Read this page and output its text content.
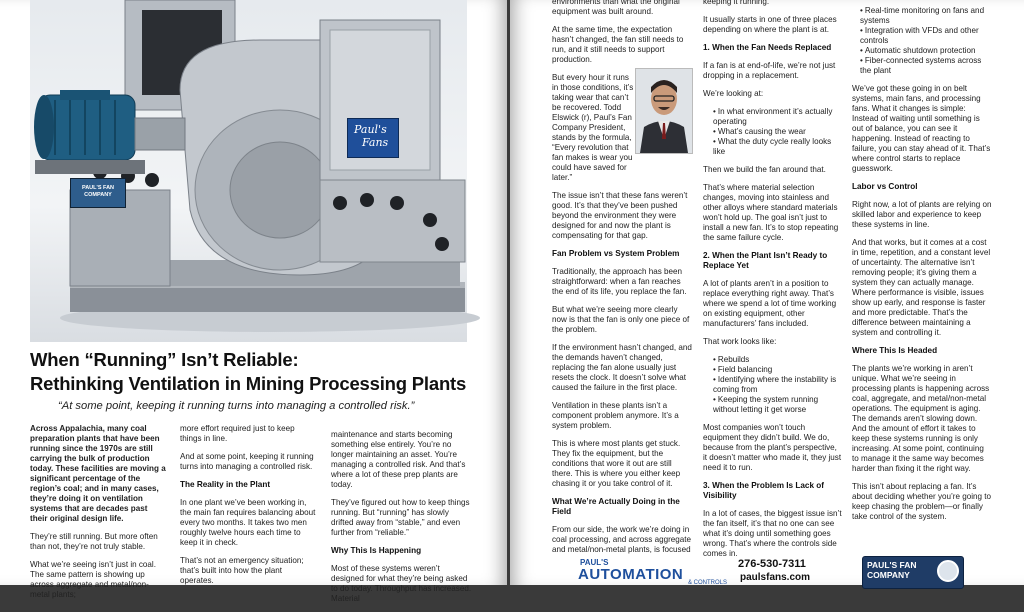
PAUL'S FAN COMPANY
Paul's
Fans
When “Running” Isn’t Reliable:
Rethinking Ventilation in Mining Processing Plants
“At some point, keeping it running turns into managing a controlled risk.”

Across Appalachia, many coal preparation plants that have been running since the 1970s are still carrying the bulk of production today. These facilities are moving a significant percentage of the region’s coal; and in many cases, they’re doing it on ventilation systems that are decades past their original design life.

They’re still running. But more often than not, they’re not truly stable.

What we’re seeing isn’t just in coal. The same pattern is showing up across aggregate and metal/non-metal plants;

more effort required just to keep things in line.

And at some point, keeping it running turns into managing a controlled risk.

The Reality in the Plant

In one plant we’ve been working in, the main fan requires balancing about every two months. It takes two men roughly twelve hours each time to keep it in check.

That’s not an emergency situation; that’s built into how the plant operates.

maintenance and starts becoming something else entirely. You’re no longer maintaining an asset. You’re managing a controlled risk. And that’s where a lot of these prep plants are today.

They’ve figured out how to keep things running. But “running” has slowly drifted away from “stable,” and even further from “reliable.”

Why This Is Happening

Most of these systems weren’t designed for what they’re being asked to do today. Throughput has increased. Material

environments than what the original equipment was built around.

At the same time, the expectation hasn’t changed, the fan still needs to run, and it still needs to support production.

But every hour it runs in those conditions, it’s taking wear that can’t be recovered. Todd Elswick (r), Paul’s Fan Company President, stands by the formula, “Every revolution that fan makes is wear you could have saved for later.”

The issue isn’t that these fans weren’t good. It’s that they’ve been pushed beyond the environment they were designed for and now the plant is compensating for that gap.

Fan Problem vs System Problem

Traditionally, the approach has been straightforward: when a fan reaches the end of its life, you replace the fan.

But what we’re seeing more clearly now is that the fan is only one piece of the problem.

If the environment hasn’t changed, and the demands haven’t changed, replacing the fan alone usually just resets the clock. It doesn’t solve what caused the failure in the first place.

Ventilation in these plants isn’t a component problem anymore. It’s a system problem.

This is where most plants get stuck. They fix the equipment, but the conditions that wore it out are still there. This is where you either keep chasing it or you take control of it.

What We’re Actually Doing in the Field

From our side, the work we’re doing in coal processing, and across aggregate and metal/non-metal plants, is focused

keeping it running.

It usually starts in one of three places depending on where the plant is at.

1. When the Fan Needs Replaced

If a fan is at end-of-life, we’re not just dropping in a replacement.

We’re looking at:

• In what environment it’s actually operating
• What’s causing the wear
• What the duty cycle really looks like

Then we build the fan around that.

That’s where material selection changes, moving into stainless and other alloys where standard materials won’t hold up. The goal isn’t just to install a new fan. It’s to stop repeating the same failure cycle.

2. When the Plant Isn’t Ready to Replace Yet

A lot of plants aren’t in a position to replace everything right away. That’s where we spend a lot of time working on existing equipment, other manufacturers’ fans included.

That work looks like:

• Rebuilds
• Field balancing
• Identifying where the instability is coming from
• Keeping the system running without letting it get worse

Most companies won’t touch equipment they didn’t build. We do, because from the plant’s perspective, it doesn’t matter who made it, they just need it to run.

3. When the Problem Is Lack of Visibility

In a lot of cases, the biggest issue isn’t the fan itself, it’s that no one can see what it’s doing until something goes wrong. That’s where the controls side comes in.

• Real-time monitoring on fans and systems
• Integration with VFDs and other controls
• Automatic shutdown protection
• Fiber-connected systems across the plant

We’ve got these going in on belt systems, main fans, and processing fans. What it changes is simple: Instead of waiting until something is out of balance, you can see it happening. Instead of reacting to failure, you can stay ahead of it. That’s where control starts to replace guesswork.

Labor vs Control

Right now, a lot of plants are relying on skilled labor and experience to keep these systems in line.

And that works, but it comes at a cost in time, repetition, and a constant level of uncertainty. The alternative isn’t removing people; it’s giving them a system they can actually manage. Where performance is visible, issues show up early, and response is faster and more predictable. That’s the difference between maintaining a system and controlling it.

Where This Is Headed

The plants we’re working in aren’t unique. What we’re seeing in processing plants is happening across coal, aggregate, and metal/non-metal operations. The equipment is aging. The demands aren’t slowing down. And the amount of effort it takes to keep these systems running is only increasing. At some point, continuing to manage it the same way becomes harder than fixing it the right way.

This isn’t about replacing a fan. It’s about deciding whether you’re going to keep chasing the problem—or finally take control of the system.

PAUL'S
AUTOMATION & CONTROLS
276-530-7311
paulsfans.com
PAUL'S FAN COMPANY
